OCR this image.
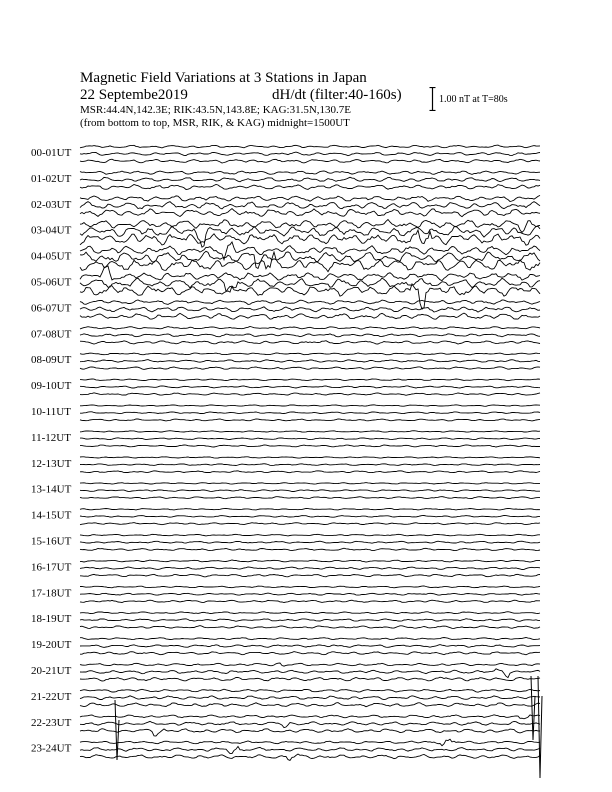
Magnetic Field Variations at 3 Stations in Japan
22 Septembe2019	dH/dt (filter:40-160s)
MSR:44.4N,142.3E; RIK:43.5N,143.8E; KAG:31.5N,130.7E
(from bottom to top, MSR, RIK, & KAG) midnight=1500UT
1.00 nT at T=80s
00-01UT
01-02UT
02-03UT
03-04UT
04-05UT
05-06UT
06-07UT
07-08UT
08-09UT
09-10UT
10-11UT
11-12UT
12-13UT
13-14UT
14-15UT
15-16UT
16-17UT
17-18UT
18-19UT
19-20UT
20-21UT
21-22UT
22-23UT
23-24UT
